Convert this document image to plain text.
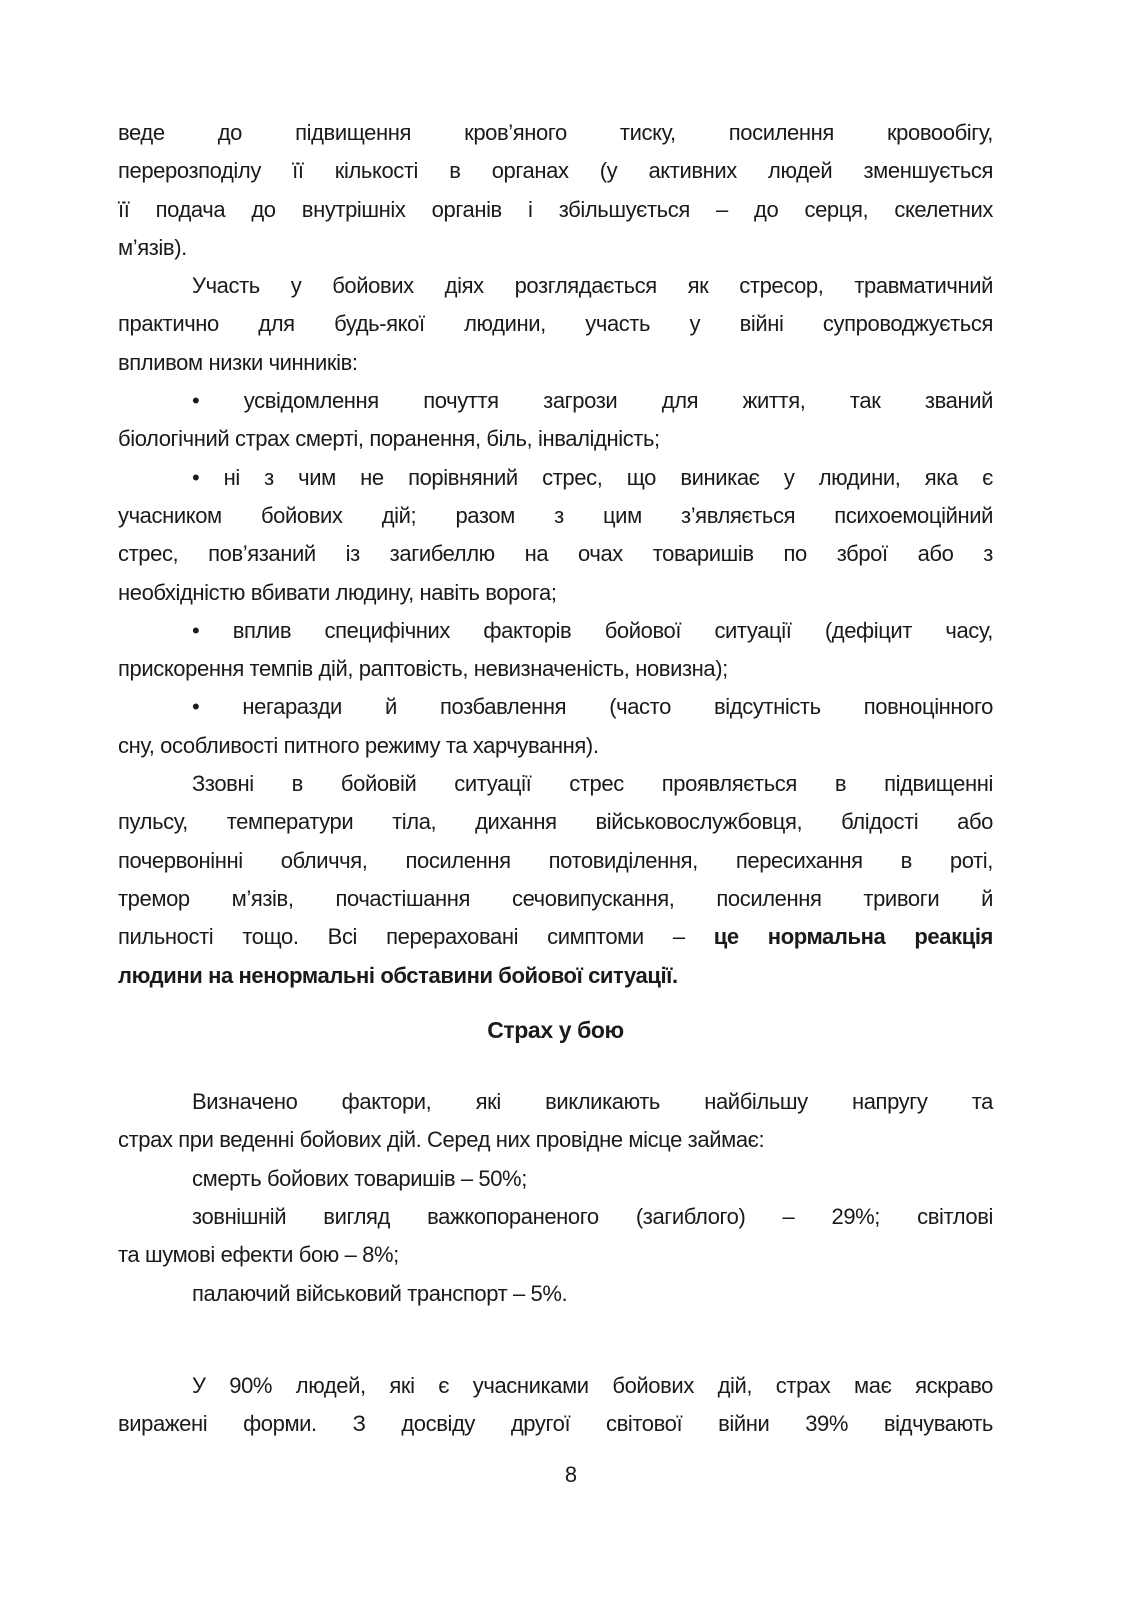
веде до підвищення кров’яного тиску, посилення кровообігу,
перерозподілу її кількості в органах (у активних людей зменшується
її подача до внутрішніх органів і збільшується – до серця, скелетних
м’язів).
Участь у бойових діях розглядається як стресор, травматичний
практично для будь-якої людини, участь у війні супроводжується
впливом низки чинників:
• усвідомлення почуття загрози для життя, так званий
біологічний страх смерті, поранення, біль, інвалідність;
• ні з чим не порівняний стрес, що виникає у людини, яка є
учасником бойових дій; разом з цим з’являється психоемоційний
стрес, пов’язаний із загибеллю на очах товаришів по зброї або з
необхідністю вбивати людину, навіть ворога;
• вплив специфічних факторів бойової ситуації (дефіцит часу,
прискорення темпів дій, раптовість, невизначеність, новизна);
• негаразди й позбавлення (часто відсутність повноцінного
сну, особливості питного режиму та харчування).
Ззовні в бойовій ситуації стрес проявляється в підвищенні
пульсу, температури тіла, дихання військовослужбовця, блідості або
почервонінні обличчя, посилення потовиділення, пересихання в роті,
тремор м’язів, почастішання сечовипускання, посилення тривоги й
пильності тощо. Всі перераховані симптоми – це нормальна реакція
людини на ненормальні обставини бойової ситуації.
Страх у бою
Визначено фактори, які викликають найбільшу напругу та
страх при веденні бойових дій. Серед них провідне місце займає:
смерть бойових товаришів – 50%;
зовнішній вигляд важкопораненого (загиблого) – 29%; світлові
та шумові ефекти бою – 8%;
палаючий військовий транспорт – 5%.
У 90% людей, які є учасниками бойових дій, страх має яскраво
виражені форми. З досвіду другої світової війни 39% відчувають
8
